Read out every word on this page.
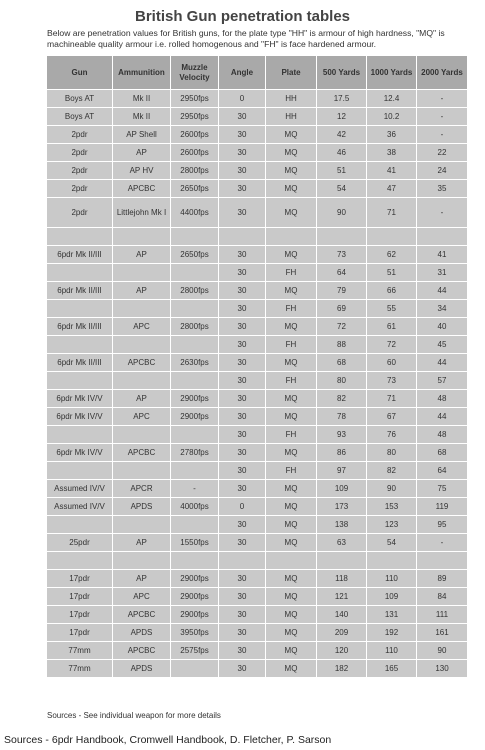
British Gun penetration tables
Below are penetration values for British guns, for the plate type "HH" is armour of high hardness, "MQ" is machineable quality armour i.e. rolled homogenous and "FH" is face hardened armour.
Gun	Ammunition	Muzzle Velocity	Angle	Plate	500 Yards	1000 Yards	2000 Yards
Boys AT	Mk II	2950fps	0	HH	17.5	12.4	-
Boys AT	Mk II	2950fps	30	HH	12	10.2	-
2pdr	AP Shell	2600fps	30	MQ	42	36	-
2pdr	AP	2600fps	30	MQ	46	38	22
2pdr	AP HV	2800fps	30	MQ	51	41	24
2pdr	APCBC	2650fps	30	MQ	54	47	35
2pdr	Littlejohn Mk I	4400fps	30	MQ	90	71	-

6pdr Mk II/III	AP	2650fps	30	MQ	73	62	41
			30	FH	64	51	31
6pdr Mk II/III	AP	2800fps	30	MQ	79	66	44
			30	FH	69	55	34
6pdr Mk II/III	APC	2800fps	30	MQ	72	61	40
			30	FH	88	72	45
6pdr Mk II/III	APCBC	2630fps	30	MQ	68	60	44
			30	FH	80	73	57
6pdr Mk IV/V	AP	2900fps	30	MQ	82	71	48
6pdr Mk IV/V	APC	2900fps	30	MQ	78	67	44
			30	FH	93	76	48
6pdr Mk IV/V	APCBC	2780fps	30	MQ	86	80	68
			30	FH	97	82	64
Assumed IV/V	APCR	-	30	MQ	109	90	75
Assumed IV/V	APDS	4000fps	0	MQ	173	153	119
			30	MQ	138	123	95
25pdr	AP	1550fps	30	MQ	63	54	-

17pdr	AP	2900fps	30	MQ	118	110	89
17pdr	APC	2900fps	30	MQ	121	109	84
17pdr	APCBC	2900fps	30	MQ	140	131	111
17pdr	APDS	3950fps	30	MQ	209	192	161
77mm	APCBC	2575fps	30	MQ	120	110	90
77mm	APDS		30	MQ	182	165	130
Sources - See individual weapon for more details
Sources - 6pdr Handbook, Cromwell Handbook, D. Fletcher, P. Sarson
